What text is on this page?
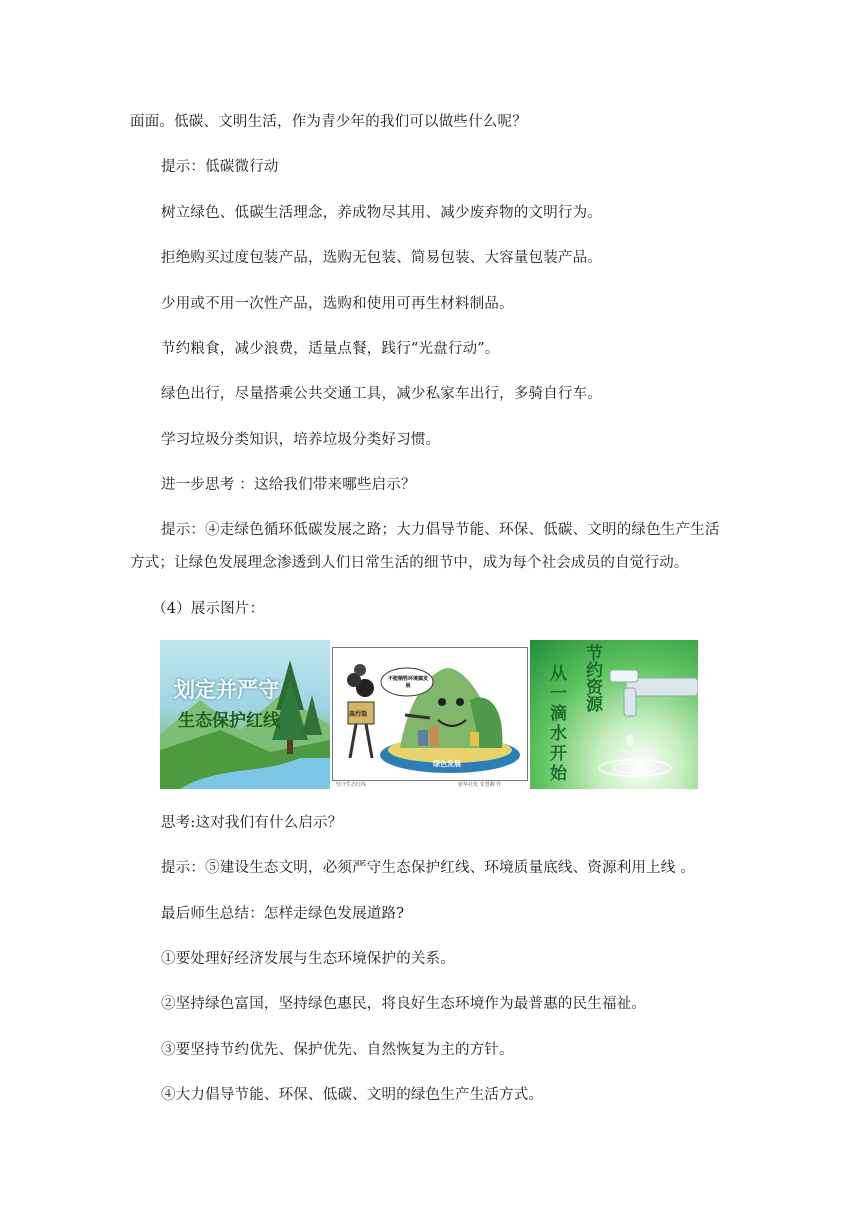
面面。低碳、文明生活，作为青少年的我们可以做些什么呢？
提示：低碳微行动
树立绿色、低碳生活理念，养成物尽其用、减少废弃物的文明行为。
拒绝购买过度包装产品，选购无包装、简易包装、大容量包装产品。
少用或不用一次性产品，选购和使用可再生材料制品。
节约粮食，减少浪费，适量点餐，践行“光盘行动”。
绿色出行，尽量搭乘公共交通工具，减少私家车出行，多骑自行车。
学习垃圾分类知识，培养垃圾分类好习惯。
进一步思考 ：这给我们带来哪些启示？
提示：④走绿色循环低碳发展之路；大力倡导节能、环保、低碳、文明的绿色生产生活
方式；让绿色发展理念渗透到人们日常生活的细节中，成为每个社会成员的自觉行动。
（4）展示图片：
划定并严守
生态保护红线
不能牺牲环境搞发展
高污染
绿色发展
坚守生态红线	新华社发 朱慧卿 作
节约资源
从一滴水开始
思考:这对我们有什么启示？
提示：⑤建设生态文明，必须严守生态保护红线、环境质量底线、资源利用上线 。
最后师生总结：怎样走绿色发展道路?
①要处理好经济发展与生态环境保护的关系。
②坚持绿色富国，坚持绿色惠民，将良好生态环境作为最普惠的民生福祉。
③要坚持节约优先、保护优先、自然恢复为主的方针。
④大力倡导节能、环保、低碳、文明的绿色生产生活方式。
